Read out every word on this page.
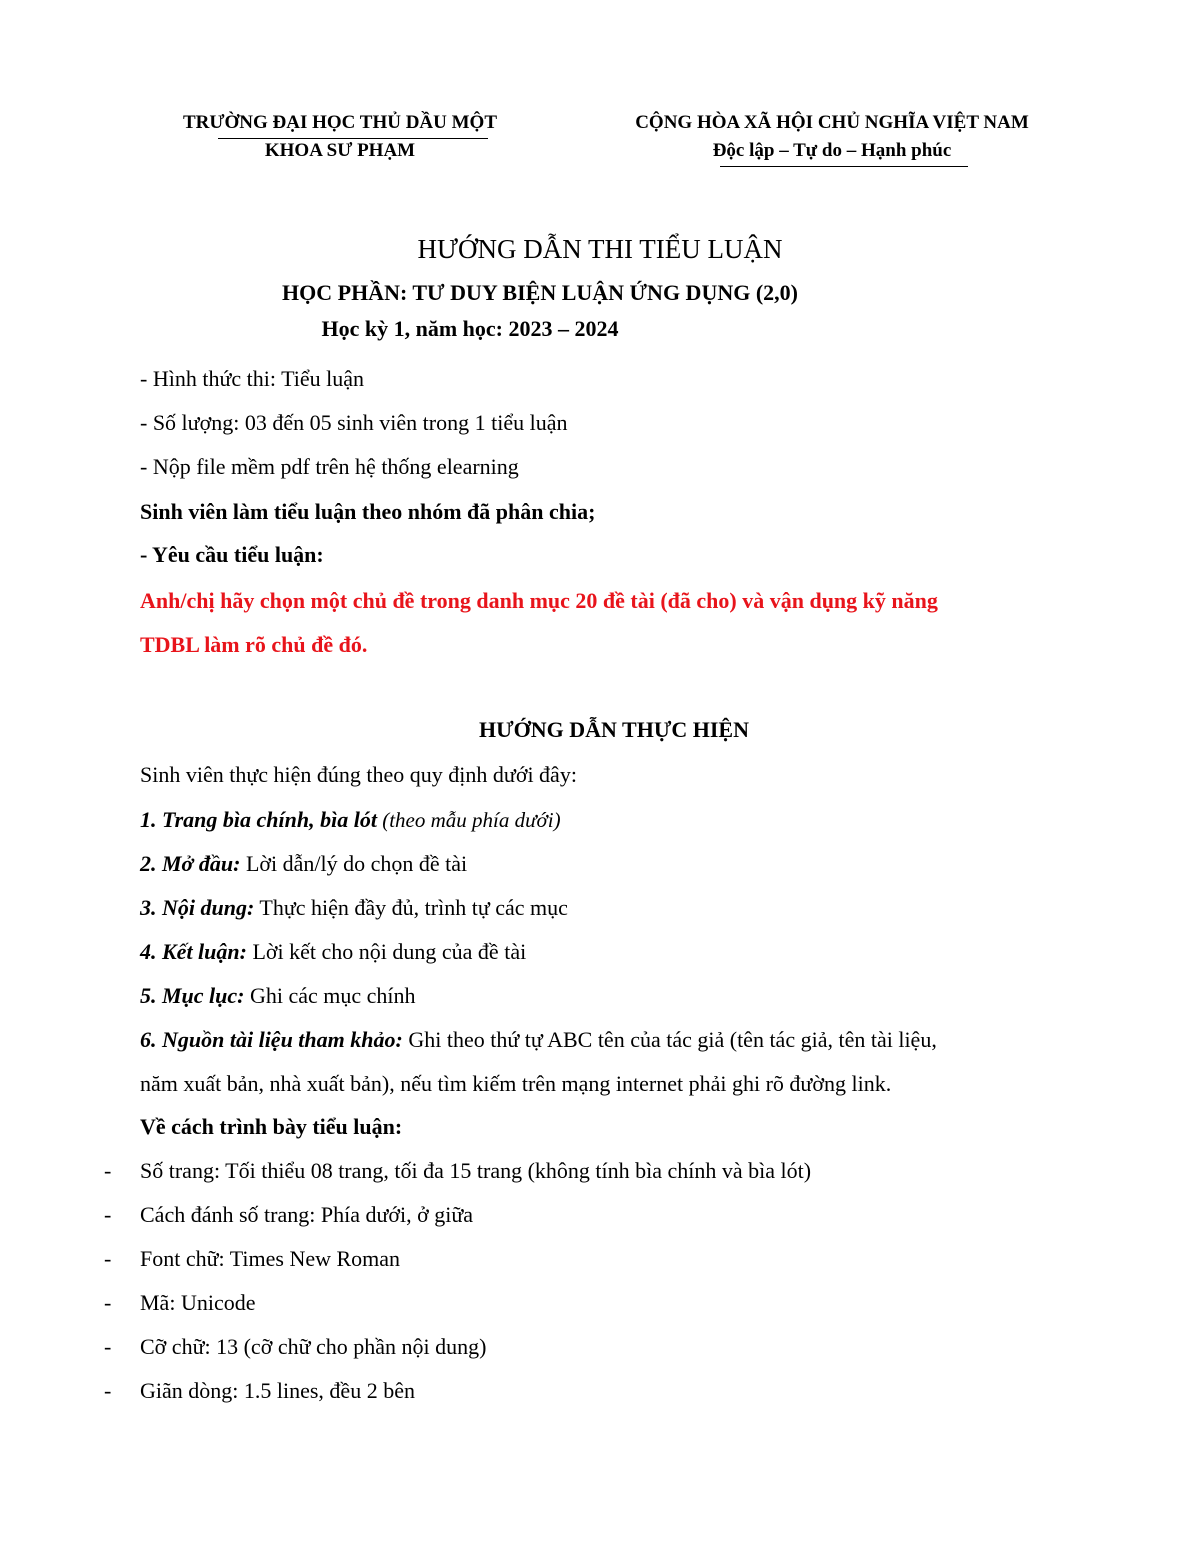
TRƯỜNG ĐẠI HỌC THỦ DẦU MỘT
KHOA SƯ PHẠM
CỘNG HÒA XÃ HỘI CHỦ NGHĨA VIỆT NAM
Độc lập – Tự do – Hạnh phúc
HƯỚNG DẪN THI TIỂU LUẬN
HỌC PHẦN: TƯ DUY BIỆN LUẬN ỨNG DỤNG (2,0)
Học kỳ 1, năm học: 2023 – 2024
- Hình thức thi: Tiểu luận
- Số lượng: 03 đến 05 sinh viên trong 1 tiểu luận
- Nộp file mềm pdf trên hệ thống elearning
Sinh viên làm tiểu luận theo nhóm đã phân chia;
- Yêu cầu tiểu luận:
Anh/chị hãy chọn một chủ đề trong danh mục 20 đề tài (đã cho) và vận dụng kỹ năng
TDBL làm rõ chủ đề đó.
HƯỚNG DẪN THỰC HIỆN
Sinh viên thực hiện đúng theo quy định dưới đây:
1. Trang bìa chính, bìa lót (theo mẫu phía dưới)
2. Mở đầu: Lời dẫn/lý do chọn đề tài
3. Nội dung: Thực hiện đầy đủ, trình tự các mục
4. Kết luận: Lời kết cho nội dung của đề tài
5. Mục lục: Ghi các mục chính
6. Nguồn tài liệu tham khảo: Ghi theo thứ tự ABC tên của tác giả (tên tác giả, tên tài liệu,
năm xuất bản, nhà xuất bản), nếu tìm kiếm trên mạng internet phải ghi rõ đường link.
Về cách trình bày tiểu luận:
- Số trang: Tối thiểu 08 trang, tối đa 15 trang (không tính bìa chính và bìa lót)
- Cách đánh số trang: Phía dưới, ở giữa
- Font chữ: Times New Roman
- Mã: Unicode
- Cỡ chữ: 13 (cỡ chữ cho phần nội dung)
- Giãn dòng: 1.5 lines, đều 2 bên
